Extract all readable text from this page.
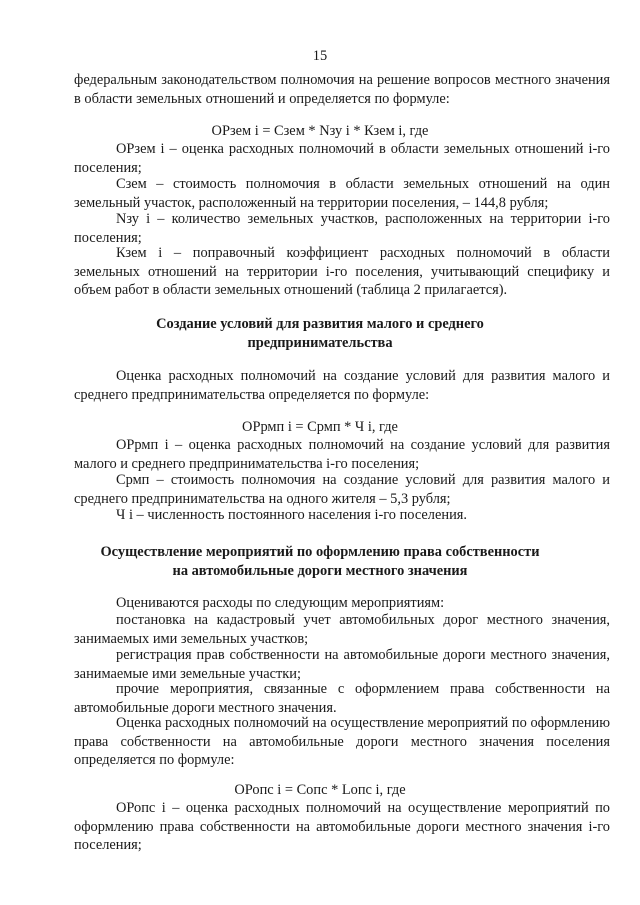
15
федеральным законодательством полномочия на решение вопросов местного значения в области земельных отношений и определяется по формуле:
ОРзем i = Сзем * Nзу i * Кзем i, где
ОРзем i – оценка расходных полномочий в области земельных отношений i-го поселения;
Сзем – стоимость полномочия в области земельных отношений на один земельный участок, расположенный на территории поселения, – 144,8 рубля;
Nзу i – количество земельных участков, расположенных на территории i-го поселения;
Кзем i – поправочный коэффициент расходных полномочий в области земельных отношений на территории i-го поселения, учитывающий специфику и объем работ в области земельных отношений (таблица 2 прилагается).
Создание условий для развития малого и среднего
предпринимательства
Оценка расходных полномочий на создание условий для развития малого и среднего предпринимательства определяется по формуле:
ОРрмп i = Срмп * Ч i, где
ОРрмп i – оценка расходных полномочий на создание условий для развития малого и среднего предпринимательства i-го поселения;
Срмп – стоимость полномочия на создание условий для развития малого и среднего предпринимательства на одного жителя – 5,3 рубля;
Ч i – численность постоянного населения i-го поселения.
Осуществление мероприятий по оформлению права собственности
на автомобильные дороги местного значения
Оцениваются расходы по следующим мероприятиям:
постановка на кадастровый учет автомобильных дорог местного значения, занимаемых ими земельных участков;
регистрация прав собственности на автомобильные дороги местного значения, занимаемые ими земельные участки;
прочие мероприятия, связанные с оформлением права собственности на автомобильные дороги местного значения.
Оценка расходных полномочий на осуществление мероприятий по оформлению права собственности на автомобильные дороги местного значения поселения определяется по формуле:
ОРопс i = Сопс * Lопс i, где
ОРопс i – оценка расходных полномочий на осуществление мероприятий по оформлению права собственности на автомобильные дороги местного значения i-го поселения;
